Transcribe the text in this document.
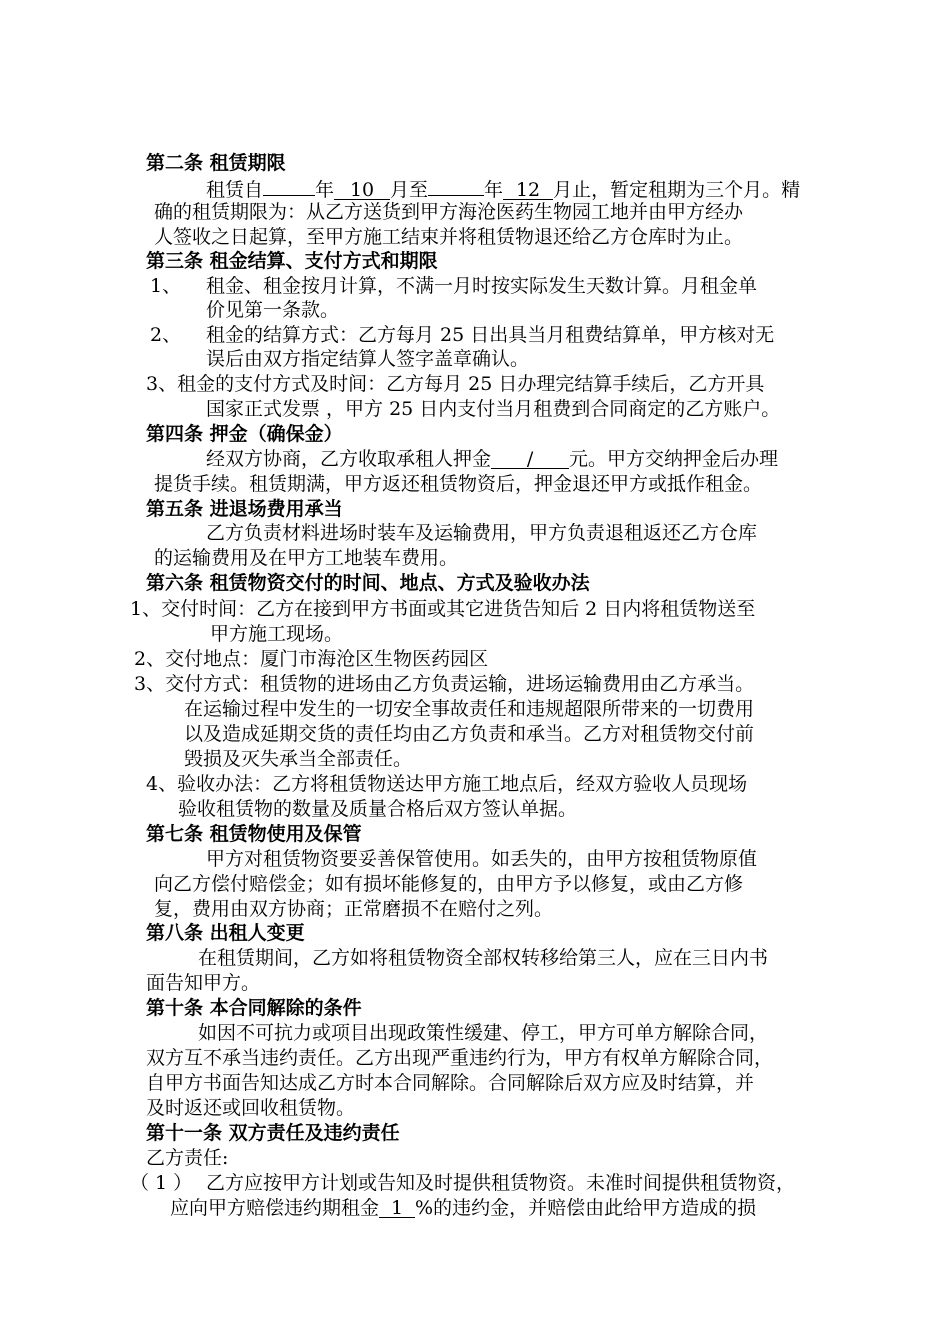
第二条 租赁期限
租赁自	年 10 月至	年 12 月止，暂定租期为三个月。精
确的租赁期限为：从乙方送货到甲方海沧医药生物园工地并由甲方经办
人签收之日起算，至甲方施工结束并将租赁物退还给乙方仓库时为止。
第三条 租金结算、支付方式和期限
1、 租金、租金按月计算，不满一月时按实际发生天数计算。月租金单
价见第一条款。
2、 租金的结算方式：乙方每月 25 日出具当月租费结算单，甲方核对无
误后由双方指定结算人签字盖章确认。
3、租金的支付方式及时间：乙方每月 25 日办理完结算手续后，乙方开具
国家正式发票 ，甲方 25 日内支付当月租费到合同商定的乙方账户。
第四条 押金（确保金）
经双方协商，乙方收取承租人押金 / 元。甲方交纳押金后办理
提货手续。租赁期满，甲方返还租赁物资后，押金退还甲方或抵作租金。
第五条 进退场费用承当
乙方负责材料进场时装车及运输费用，甲方负责退租返还乙方仓库
的运输费用及在甲方工地装车费用。
第六条 租赁物资交付的时间、地点、方式及验收办法
1、交付时间：乙方在接到甲方书面或其它进货告知后 2 日内将租赁物送至
甲方施工现场。
2、交付地点：厦门市海沧区生物医药园区
3、交付方式：租赁物的进场由乙方负责运输，进场运输费用由乙方承当。
在运输过程中发生的一切安全事故责任和违规超限所带来的一切费用
以及造成延期交货的责任均由乙方负责和承当。乙方对租赁物交付前
毁损及灭失承当全部责任。
4、验收办法：乙方将租赁物送达甲方施工地点后，经双方验收人员现场
验收租赁物的数量及质量合格后双方签认单据。
第七条 租赁物使用及保管
甲方对租赁物资要妥善保管使用。如丢失的，由甲方按租赁物原值
向乙方偿付赔偿金；如有损坏能修复的，由甲方予以修复，或由乙方修
复，费用由双方协商；正常磨损不在赔付之列。
第八条 出租人变更
在租赁期间，乙方如将租赁物资全部权转移给第三人，应在三日内书
面告知甲方。
第十条 本合同解除的条件
如因不可抗力或项目出现政策性缓建、停工，甲方可单方解除合同，
双方互不承当违约责任。乙方出现严重违约行为，甲方有权单方解除合同，
自甲方书面告知达成乙方时本合同解除。合同解除后双方应及时结算，并
及时返还或回收租赁物。
第十一条 双方责任及违约责任
乙方责任:
（ 1 ） 乙方应按甲方计划或告知及时提供租赁物资。未准时间提供租赁物资，
应向甲方赔偿违约期租金 1 %的违约金，并赔偿由此给甲方造成的损
